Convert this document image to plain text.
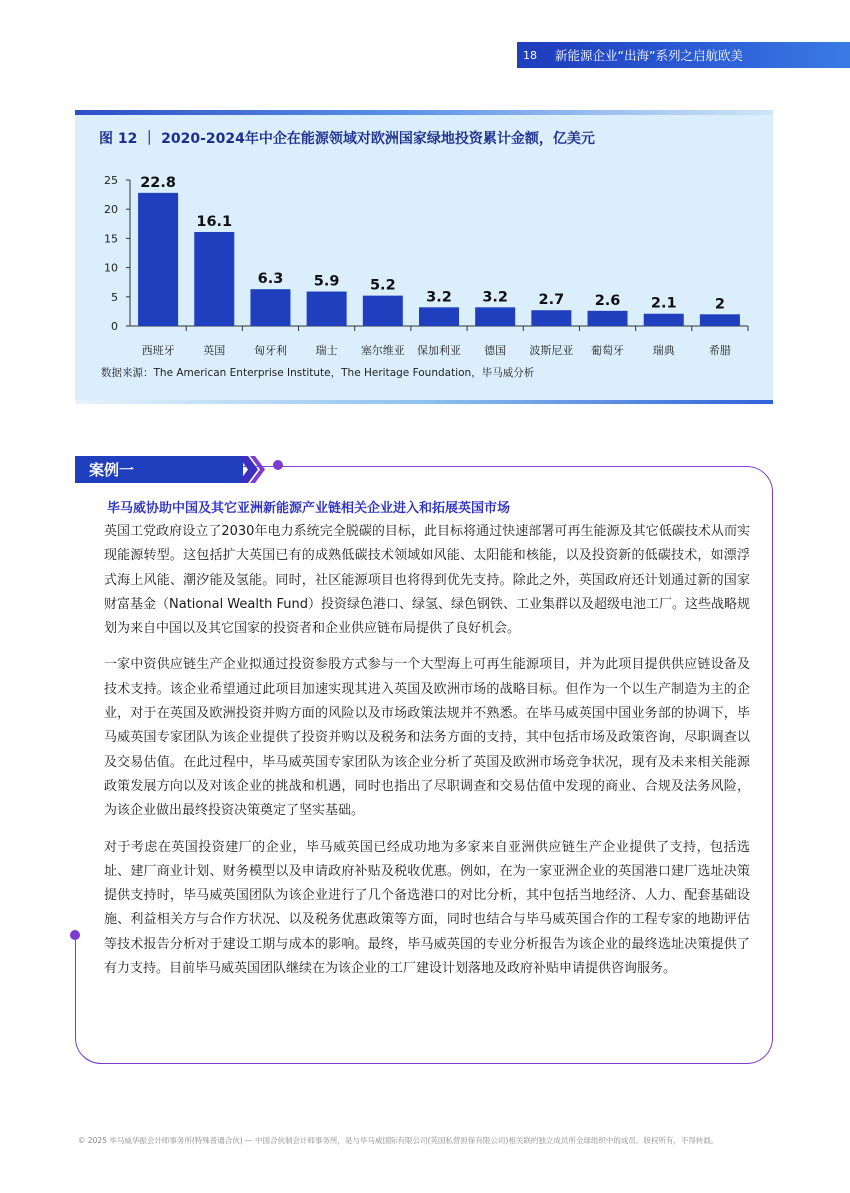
18	新能源企业“出海”系列之启航欧美
图 12 ｜ 2020-2024年中企在能源领域对欧洲国家绿地投资累计金额，亿美元
0
5
10
15
20
25 22.8
西班牙
16.1
英国
6.3
匈牙利
5.9
瑞士
5.2
塞尔维亚
3.2
保加利亚
3.2
德国
2.7
波斯尼亚
2.6
葡萄牙
2.1
瑞典
2
希腊
数据来源：The American Enterprise Institute，The Heritage Foundation，毕马威分析
案例一
毕马威协助中国及其它亚洲新能源产业链相关企业进入和拓展英国市场

英国工党政府设立了2030年电力系统完全脱碳的目标，此目标将通过快速部署可再生能源及其它低碳技术从而实现能源转型。这包括扩大英国已有的成熟低碳技术领域如风能、太阳能和核能，以及投资新的低碳技术，如漂浮式海上风能、潮汐能及氢能。同时，社区能源项目也将得到优先支持。除此之外，英国政府还计划通过新的国家财富基金（National Wealth Fund）投资绿色港口、绿氢、绿色钢铁、工业集群以及超级电池工厂。这些战略规划为来自中国以及其它国家的投资者和企业供应链布局提供了良好机会。

一家中资供应链生产企业拟通过投资参股方式参与一个大型海上可再生能源项目，并为此项目提供供应链设备及技术支持。该企业希望通过此项目加速实现其进入英国及欧洲市场的战略目标。但作为一个以生产制造为主的企业，对于在英国及欧洲投资并购方面的风险以及市场政策法规并不熟悉。在毕马威英国中国业务部的协调下，毕马威英国专家团队为该企业提供了投资并购以及税务和法务方面的支持，其中包括市场及政策咨询，尽职调查以及交易估值。在此过程中，毕马威英国专家团队为该企业分析了英国及欧洲市场竞争状况，现有及未来相关能源政策发展方向以及对该企业的挑战和机遇，同时也指出了尽职调查和交易估值中发现的商业、合规及法务风险，为该企业做出最终投资决策奠定了坚实基础。

对于考虑在英国投资建厂的企业，毕马威英国已经成功地为多家来自亚洲供应链生产企业提供了支持，包括选址、建厂商业计划、财务模型以及申请政府补贴及税收优惠。例如，在为一家亚洲企业的英国港口建厂选址决策提供支持时，毕马威英国团队为该企业进行了几个备选港口的对比分析，其中包括当地经济、人力、配套基础设施、利益相关方与合作方状况、以及税务优惠政策等方面，同时也结合与毕马威英国合作的工程专家的地勘评估等技术报告分析对于建设工期与成本的影响。最终，毕马威英国的专业分析报告为该企业的最终选址决策提供了有力支持。目前毕马威英国团队继续在为该企业的工厂建设计划落地及政府补贴申请提供咨询服务。

© 2025 毕马威华振会计师事务所(特殊普通合伙) — 中国合伙制会计师事务所，是与毕马威国际有限公司(英国私营担保有限公司)相关联的独立成员所全球组织中的成员。版权所有，不得转载。
